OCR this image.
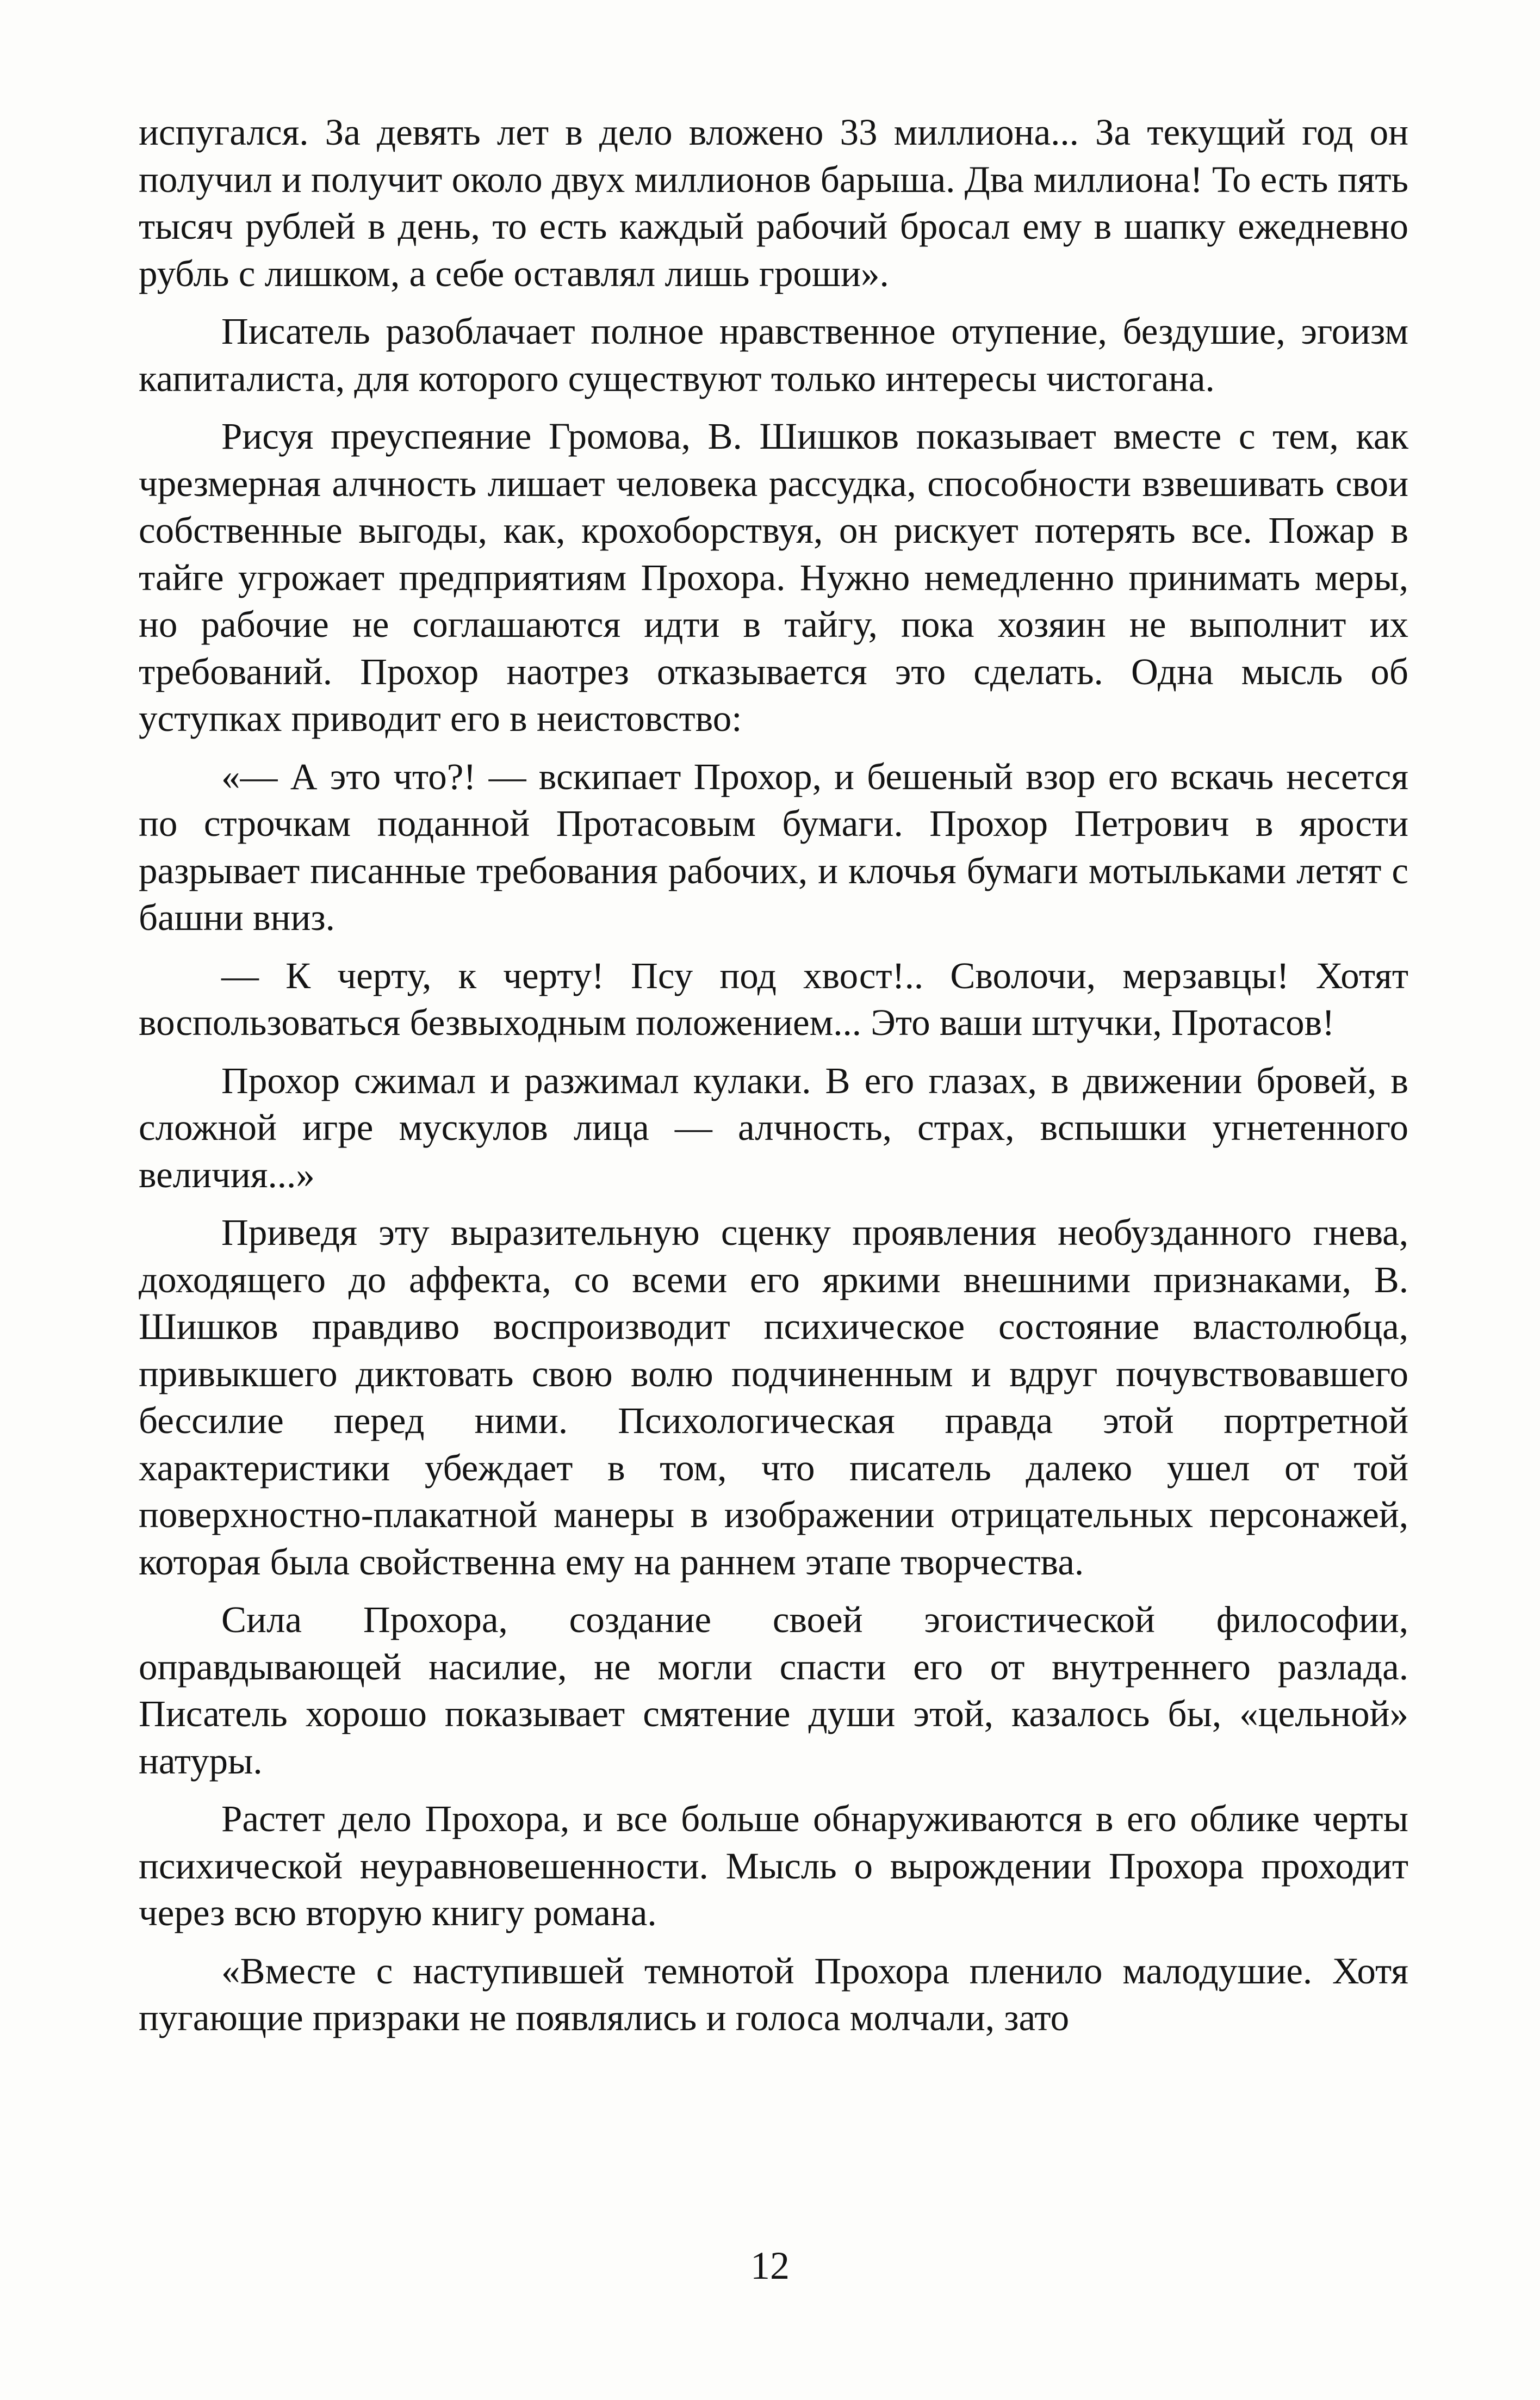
испугался. За девять лет в дело вложено 33 миллиона... За текущий год он получил и получит около двух миллионов барыша. Два миллиона! То есть пять тысяч рублей в день, то есть каждый рабочий бросал ему в шапку ежедневно рубль с лишком, а себе оставлял лишь гроши».

Писатель разоблачает полное нравственное отупение, бездушие, эгоизм капиталиста, для которого существуют только интересы чистогана.

Рисуя преуспеяние Громова, В. Шишков показывает вместе с тем, как чрезмерная алчность лишает человека рассудка, способности взвешивать свои собственные выгоды, как, крохоборствуя, он рискует потерять все. Пожар в тайге угрожает предприятиям Прохора. Нужно немедленно принимать меры, но рабочие не соглашаются идти в тайгу, пока хозяин не выполнит их требований. Прохор наотрез отказывается это сделать. Одна мысль об уступках приводит его в неистовство:

«— А это что?! — вскипает Прохор, и бешеный взор его вскачь несется по строчкам поданной Протасовым бумаги. Прохор Петрович в ярости разрывает писанные требования рабочих, и клочья бумаги мотыльками летят с башни вниз.

— К черту, к черту! Псу под хвост!.. Сволочи, мерзавцы! Хотят воспользоваться безвыходным положением... Это ваши штучки, Протасов!

Прохор сжимал и разжимал кулаки. В его глазах, в движении бровей, в сложной игре мускулов лица — алчность, страх, вспышки угнетенного величия...»

Приведя эту выразительную сценку проявления необузданного гнева, доходящего до аффекта, со всеми его яркими внешними признаками, В. Шишков правдиво воспроизводит психическое состояние властолюбца, привыкшего диктовать свою волю подчиненным и вдруг почувствовавшего бессилие перед ними. Психологическая правда этой портретной характеристики убеждает в том, что писатель далеко ушел от той поверхностно-плакатной манеры в изображении отрицательных персонажей, которая была свойственна ему на раннем этапе творчества.

Сила Прохора, создание своей эгоистической философии, оправдывающей насилие, не могли спасти его от внутреннего разлада. Писатель хорошо показывает смятение души этой, казалось бы, «цельной» натуры.

Растет дело Прохора, и все больше обнаруживаются в его облике черты психической неуравновешенности. Мысль о вырождении Прохора проходит через всю вторую книгу романа.

«Вместе с наступившей темнотой Прохора пленило малодушие. Хотя пугающие призраки не появлялись и голоса молчали, зато

12
